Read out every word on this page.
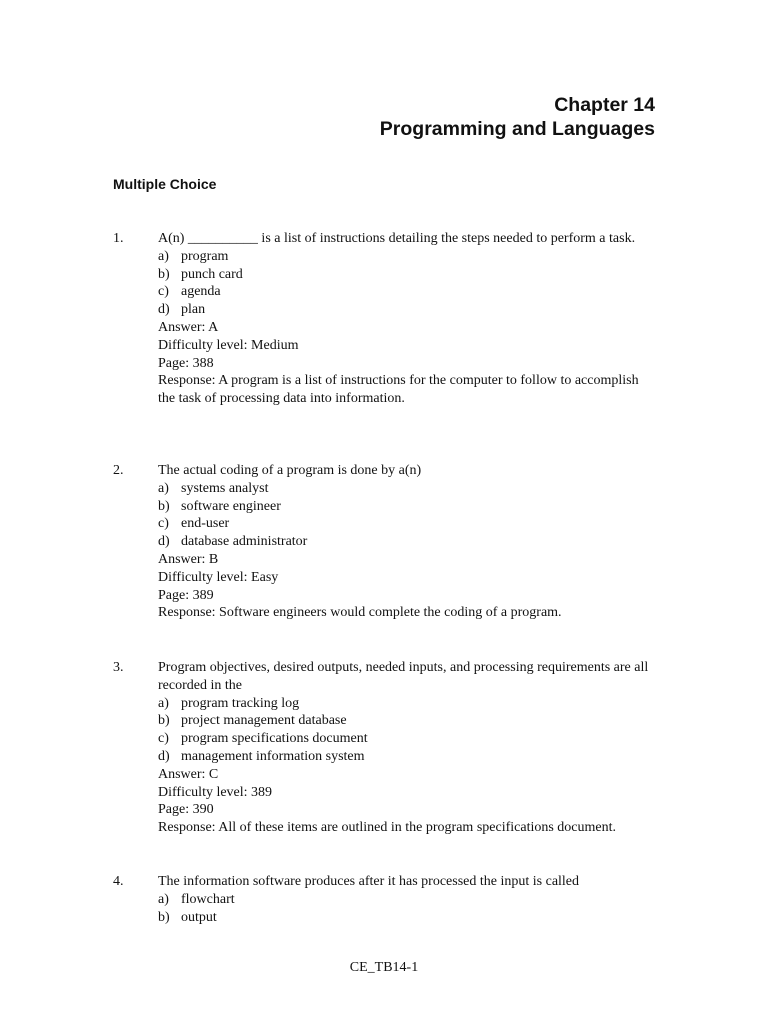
Chapter 14
Programming and Languages
Multiple Choice
1. A(n) __________ is a list of instructions detailing the steps needed to perform a task.
a) program
b) punch card
c) agenda
d) plan
Answer: A
Difficulty level: Medium
Page: 388
Response: A program is a list of instructions for the computer to follow to accomplish the task of processing data into information.
2. The actual coding of a program is done by a(n)
a) systems analyst
b) software engineer
c) end-user
d) database administrator
Answer: B
Difficulty level: Easy
Page: 389
Response: Software engineers would complete the coding of a program.
3. Program objectives, desired outputs, needed inputs, and processing requirements are all recorded in the
a) program tracking log
b) project management database
c) program specifications document
d) management information system
Answer: C
Difficulty level: 389
Page: 390
Response: All of these items are outlined in the program specifications document.
4. The information software produces after it has processed the input is called
a) flowchart
b) output
CE_TB14-1
